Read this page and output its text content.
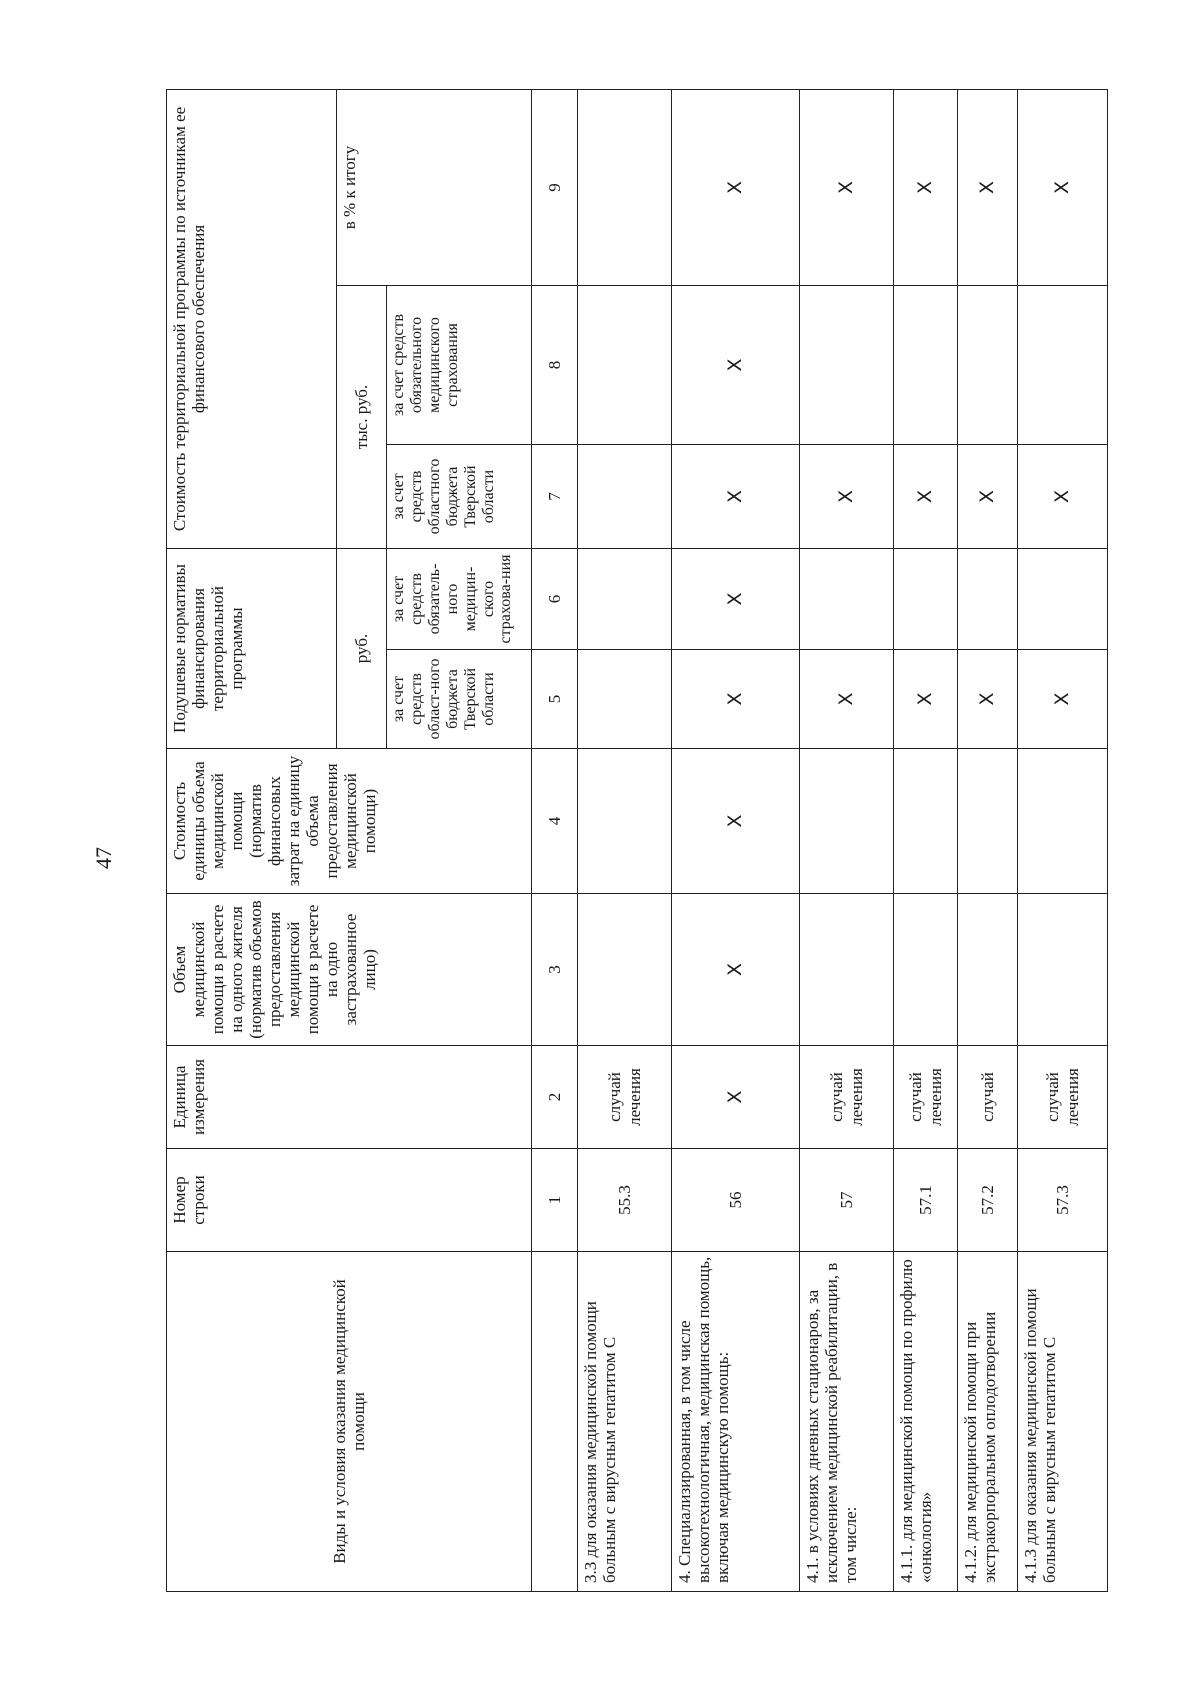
47
Виды и условия оказания медицинской помощи	Номер строки	Единица измерения	Объем медицинской помощи в расчете на одного жителя (норматив объемов предоставления медицинской помощи в расчете на одно застрахованное лицо)	Стоимость единицы объема медицинской помощи (норматив финансовых затрат на единицу объема предоставления медицинской помощи)	Подушевые нормативы финансирования территориальной программы		Стоимость территориальной программы по источникам ее финансового обеспечения		
					руб.		тыс. руб.		в % к итогу
					за счет средств област-ного бюджета Тверской области	за счет средств обязатель-ного медицин-ского страхова-ния	за счет средств областного бюджета Тверской области	за счет средств обязательного медицинского страхования	
	1	2	3	4	5	6	7	8	9
3.3 для оказания медицинской помощи больным с вирусным гепатитом С	55.3	случай лечения							
4. Специализированная, в том числе высокотехнологичная, медицинская помощь, включая медицинскую помощь:	56	X	X	X	X	X	X	X	X
4.1. в условиях дневных стационаров, за исключением медицинской реабилитации, в том числе:	57	случай лечения			X		X		X
4.1.1. для медицинской помощи по профилю «онкология»	57.1	случай лечения			X		X		X
4.1.2. для медицинской помощи при экстракорпоральном оплодотворении	57.2	случай			X		X		X
4.1.3 для оказания медицинской помощи больным с вирусным гепатитом С	57.3	случай лечения			X		X		X
